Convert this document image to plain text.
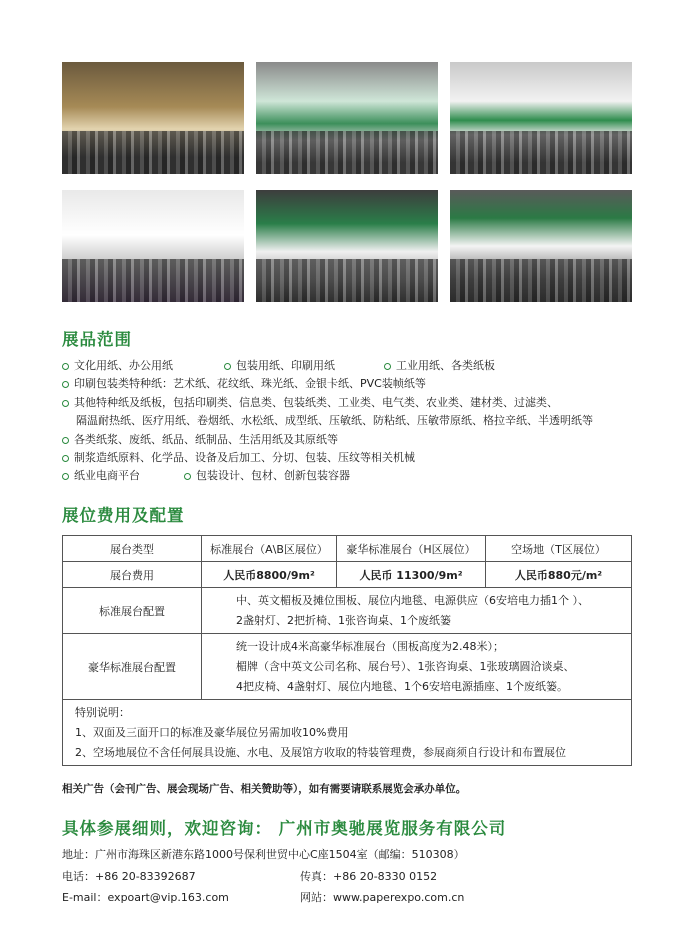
展品范围
文化用纸、办公用纸	包装用纸、印刷用纸	工业用纸、各类纸板
印刷包装类特种纸：艺术纸、花纹纸、珠光纸、金银卡纸、PVC装帧纸等
其他特种纸及纸板，包括印刷类、信息类、包装纸类、工业类、电气类、农业类、建材类、过滤类、
隔温耐热纸、医疗用纸、卷烟纸、水松纸、成型纸、压敏纸、防粘纸、压敏带原纸、格拉辛纸、半透明纸等
各类纸浆、废纸、纸品、纸制品、生活用纸及其原纸等
制浆造纸原料、化学品、设备及后加工、分切、包装、压纹等相关机械
纸业电商平台	包装设计、包材、创新包装容器
展位费用及配置
展台类型	标准展台（A\B区展位）	豪华标准展台（H区展位）	空场地（T区展位）
展台费用	人民币8800/9m²	人民币 11300/9m²	人民币880元/m²
标准展台配置	中、英文楣板及摊位围板、展位内地毯、电源供应（6安培电力插1个 ）、
2盏射灯、2把折椅、1张咨询桌、1个废纸篓		

豪华标准展台配置	统一设计成4米高豪华标准展台（围板高度为2.48米）；
楣牌（含中英文公司名称、展台号）、1张咨询桌、1张玻璃圆洽谈桌、
4把皮椅、4盏射灯、展位内地毯、1个6安培电源插座、1个废纸篓。		

特别说明：
1、双面及三面开口的标准及豪华展位另需加收10%费用
2、空场地展位不含任何展具设施、水电、及展馆方收取的特装管理费，参展商须自行设计和布置展位			
相关广告（会刊广告、展会现场广告、相关赞助等），如有需要请联系展览会承办单位。
具体参展细则，欢迎咨询： 广州市奥驰展览服务有限公司
地址：广州市海珠区新港东路1000号保利世贸中心C座1504室（邮编：510308）
电话：+86 20-83392687	传真：+86 20-8330 0152
E-mail：expoart@vip.163.com	网站：www.paperexpo.com.cn
